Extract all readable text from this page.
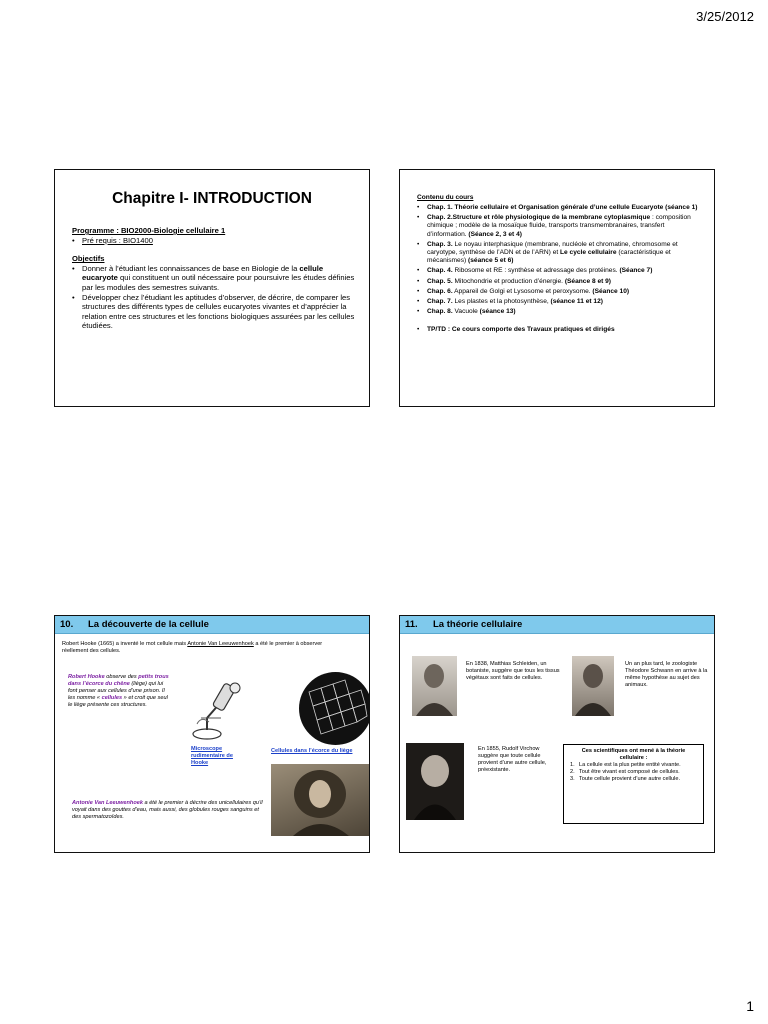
3/25/2012
Chapitre I- INTRODUCTION
Programme : BIO2000-Biologie cellulaire 1
• Pré requis : BIO1400
Objectifs
• Donner à l’étudiant les connaissances de base en Biologie de la cellule eucaryote qui constituent un outil nécessaire pour poursuivre les études définies par les modules des semestres suivants.
• Développer chez l’étudiant les aptitudes d’observer, de décrire, de comparer les structures des différents types de cellules eucaryotes vivantes et d’apprécier la relation entre ces structures et les fonctions biologiques assurées par les cellules étudiées.
Contenu du cours
•	Chap. 1. Théorie cellulaire et Organisation générale d’une cellule Eucaryote (séance 1)
•	Chap. 2.Structure et rôle physiologique de la membrane cytoplasmique : composition chimique ; modèle de la mosaïque fluide, transports transmembranaires, transfert d’information. (Séance 2, 3 et 4)
•	Chap. 3. Le noyau interphasique (membrane, nucléole et chromatine, chromosome et caryotype, synthèse de l’ADN et de l’ARN) et Le cycle cellulaire (caractéristique et mécanismes) (séance 5 et 6)
•	Chap. 4. Ribosome et RE : synthèse et adressage des protéines. (Séance 7)
•	Chap. 5. Mitochondrie et production d’énergie. (Séance 8 et 9)
•	Chap. 6. Appareil de Golgi et Lysosome et peroxysome. (Séance 10)
•	Chap. 7. Les plastes et la photosynthèse, (séance 11 et 12)
•	Chap. 8. Vacuole (séance 13)
•	TP/TD : Ce cours comporte des Travaux pratiques et dirigés
10. La découverte de la cellule
Robert Hooke (1665) a inventé le mot cellule mais Antonie Van Leeuwenhoek a été le premier à observer réellement des cellules.
Robert Hooke observe des petits trous dans l’écorce du chêne (liège) qui lui font penser aux cellules d’une prison. Il les nomme « cellules » et croit que seul le liège présente ces structures.
Microscope rudimentaire de Hooke
Cellules dans l’écorce du liège
Antonie Van Leeuwenhoek a été le premier à décrire des unicellulaires qu’il voyait dans des gouttes d’eau, mais aussi, des globules rouges sanguins et des spermatozoïdes.
11. La théorie cellulaire
En 1838, Matthias Schleiden, un botaniste, suggère que tous les tissus végétaux sont faits de cellules.
Un an plus tard, le zoologiste Théodore Schwann en arrive à la même hypothèse au sujet des animaux.
En 1855, Rudolf Virchow suggère que toute cellule provient d’une autre cellule, préexistante.
Ces scientifiques ont mené à la théorie cellulaire :
1. La cellule est la plus petite entité vivante.
2. Tout être vivant est composé de cellules.
3. Toute cellule provient d’une autre cellule.
1
